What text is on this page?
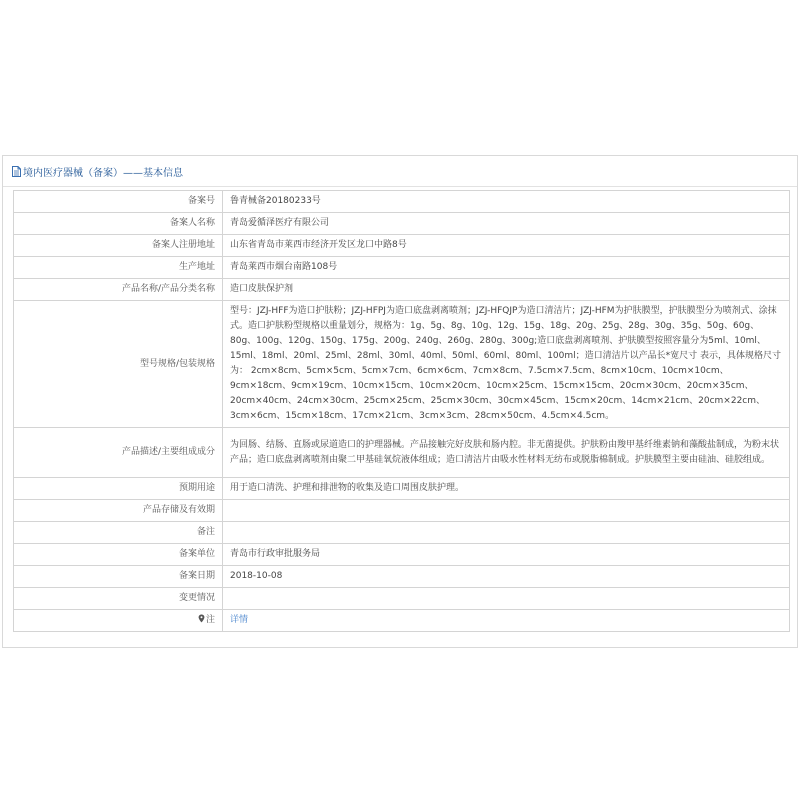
境内医疗器械（备案）——基本信息
备案号	鲁青械备20180233号
备案人名称	青岛爱循泽医疗有限公司
备案人注册地址	山东省青岛市莱西市经济开发区龙口中路8号
生产地址	青岛莱西市烟台南路108号
产品名称/产品分类名称	造口皮肤保护剂
型号规格/包装规格	型号：JZJ-HFF为造口护肤粉；JZJ-HFPJ为造口底盘剥离喷剂；JZJ-HFQJP为造口清洁片；JZJ-HFM为护肤膜型，护肤膜型分为喷剂式、涂抹式。造口护肤粉型规格以重量划分，规格为：1g、5g、8g、10g、12g、15g、18g、20g、25g、28g、30g、35g、50g、60g、80g、100g、120g、150g、175g、200g、240g、260g、280g、300g;造口底盘剥离喷剂、护肤膜型按照容量分为5ml、10ml、15ml、18ml、20ml、25ml、28ml、30ml、40ml、50ml、60ml、80ml、100ml；造口清洁片以产品长*宽尺寸 表示，具体规格尺寸为： 2cm×8cm、5cm×5cm、5cm×7cm、6cm×6cm、7cm×8cm、7.5cm×7.5cm、8cm×10cm、10cm×10cm、9cm×18cm、9cm×19cm、10cm×15cm、10cm×20cm、10cm×25cm、15cm×15cm、20cm×30cm、20cm×35cm、20cm×40cm、24cm×30cm、25cm×25cm、25cm×30cm、30cm×45cm、15cm×20cm、14cm×21cm、20cm×22cm、3cm×6cm、15cm×18cm、17cm×21cm、3cm×3cm、28cm×50cm、4.5cm×4.5cm。
产品描述/主要组成成分	为回肠、结肠、直肠或尿道造口的护理器械。产品接触完好皮肤和肠内腔。非无菌提供。护肤粉由羧甲基纤维素钠和藻酸盐制成，为粉末状产品；造口底盘剥离喷剂由聚二甲基硅氧烷液体组成；造口清洁片由吸水性材料无纺布或脱脂棉制成。护肤膜型主要由硅油、硅胶组成。
预期用途	用于造口清洗、护理和排泄物的收集及造口周围皮肤护理。
产品存储及有效期	
备注	
备案单位	青岛市行政审批服务局
备案日期	2018-10-08
变更情况	
注	详情
